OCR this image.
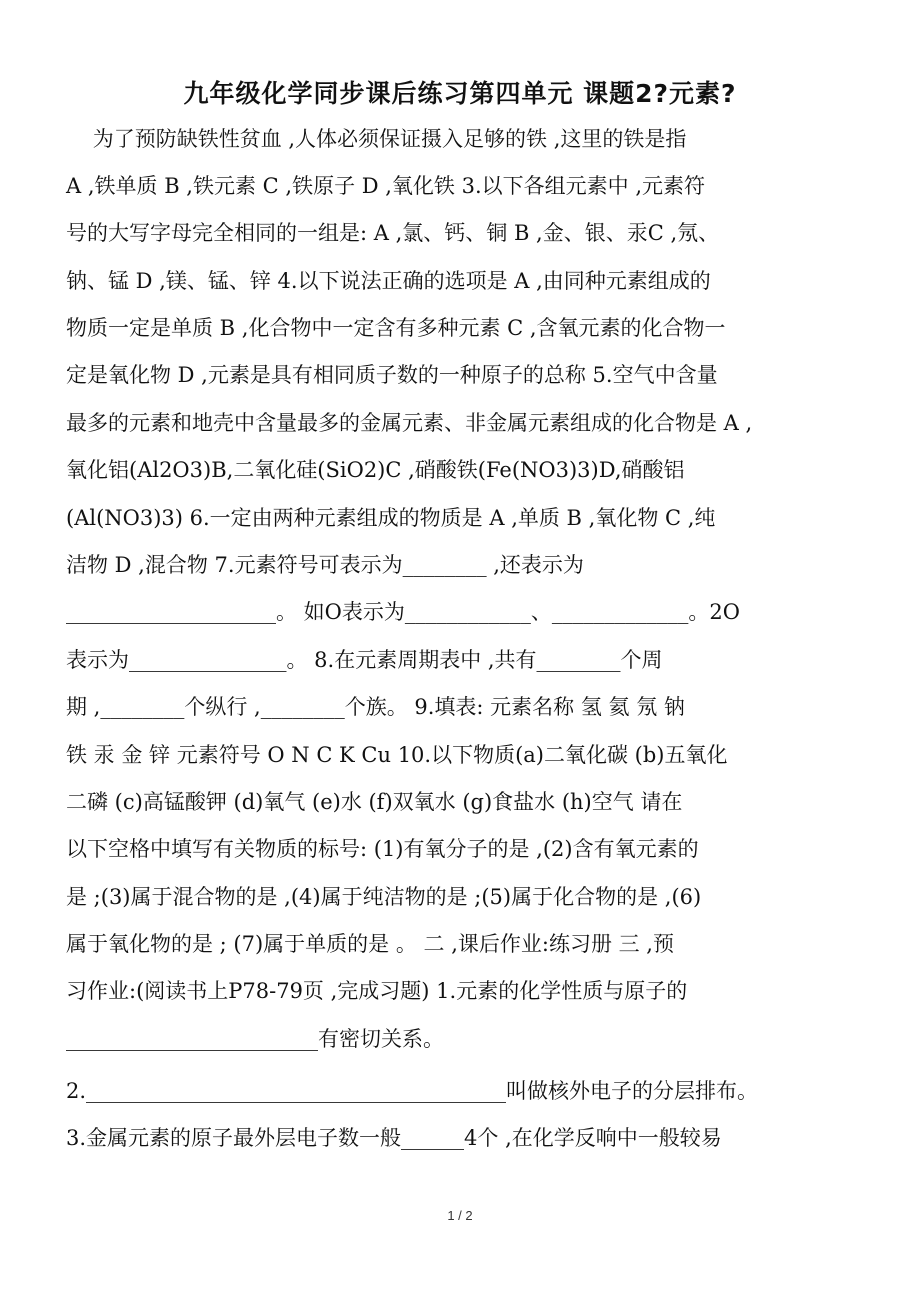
九年级化学同步课后练习第四单元 课题2?元素?

为了预防缺铁性贫血 ,人体必须保证摄入足够的铁 ,这里的铁是指

A ,铁单质 B ,铁元素 C ,铁原子 D ,氧化铁 3.以下各组元素中 ,元素符

号的大写字母完全相同的一组是: A ,氯、钙、铜 B ,金、银、汞C ,氖、

钠、锰 D ,镁、锰、锌 4.以下说法正确的选项是 A ,由同种元素组成的

物质一定是单质 B ,化合物中一定含有多种元素 C ,含氧元素的化合物一

定是氧化物 D ,元素是具有相同质子数的一种原子的总称 5.空气中含量

最多的元素和地壳中含量最多的金属元素、非金属元素组成的化合物是 A ,

氧化铝(Al2O3)B,二氧化硅(SiO2)C ,硝酸铁(Fe(NO3)3)D,硝酸铝

(Al(NO3)3) 6.一定由两种元素组成的物质是 A ,单质 B ,氧化物 C ,纯

洁物 D ,混合物 7.元素符号可表示为________ ,还表示为

____________________。 如O表示为____________、_____________。2O

表示为_______________。 8.在元素周期表中 ,共有________个周

期 ,________个纵行 ,________个族。 9.填表: 元素名称 氢 氦 氖 钠

铁 汞 金 锌 元素符号 O N C K Cu 10.以下物质(a)二氧化碳 (b)五氧化

二磷 (c)高锰酸钾 (d)氧气 (e)水 (f)双氧水 (g)食盐水 (h)空气 请在

以下空格中填写有关物质的标号: (1)有氧分子的是 ,(2)含有氧元素的

是 ;(3)属于混合物的是 ,(4)属于纯洁物的是 ;(5)属于化合物的是 ,(6)

属于氧化物的是 ; (7)属于单质的是 。 二 ,课后作业:练习册 三 ,预

习作业:(阅读书上P78-79页 ,完成习题) 1.元素的化学性质与原子的

________________________有密切关系。

2.________________________________________叫做核外电子的分层排布。

3.金属元素的原子最外层电子数一般______4个 ,在化学反响中一般较易

1 / 2
